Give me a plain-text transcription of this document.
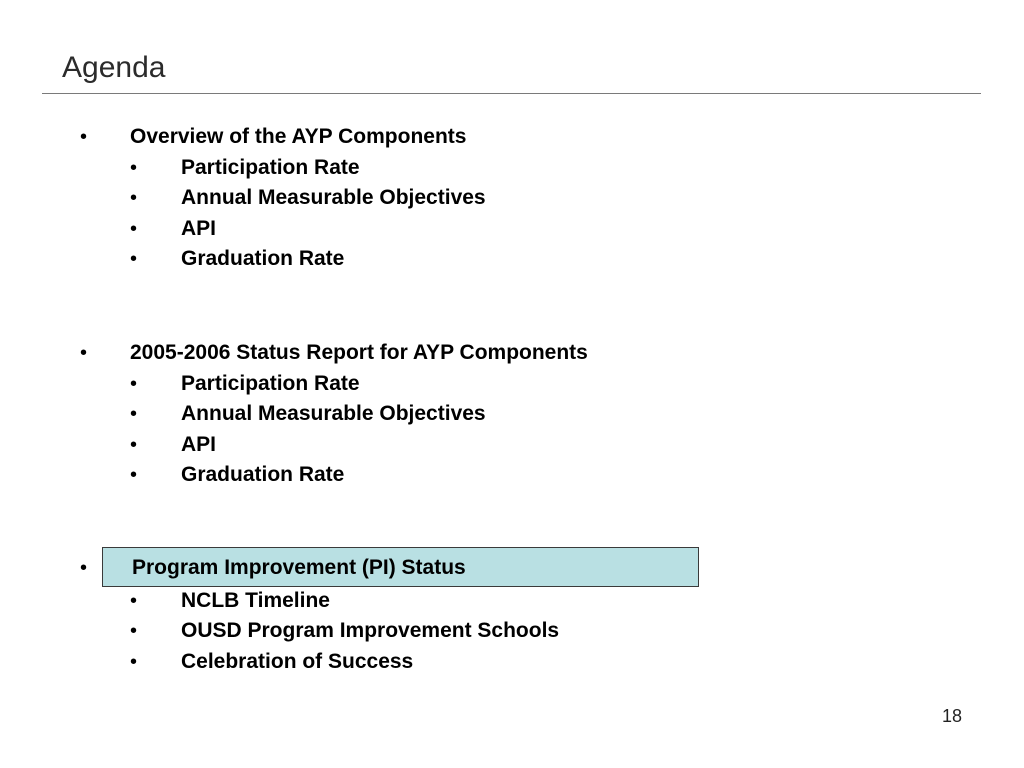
Agenda
• Overview of the AYP Components
• Participation Rate
• Annual Measurable Objectives
• API
• Graduation Rate
• 2005-2006 Status Report for AYP Components
• Participation Rate
• Annual Measurable Objectives
• API
• Graduation Rate
• Program Improvement (PI) Status
• NCLB Timeline
• OUSD Program Improvement Schools
• Celebration of Success
18
